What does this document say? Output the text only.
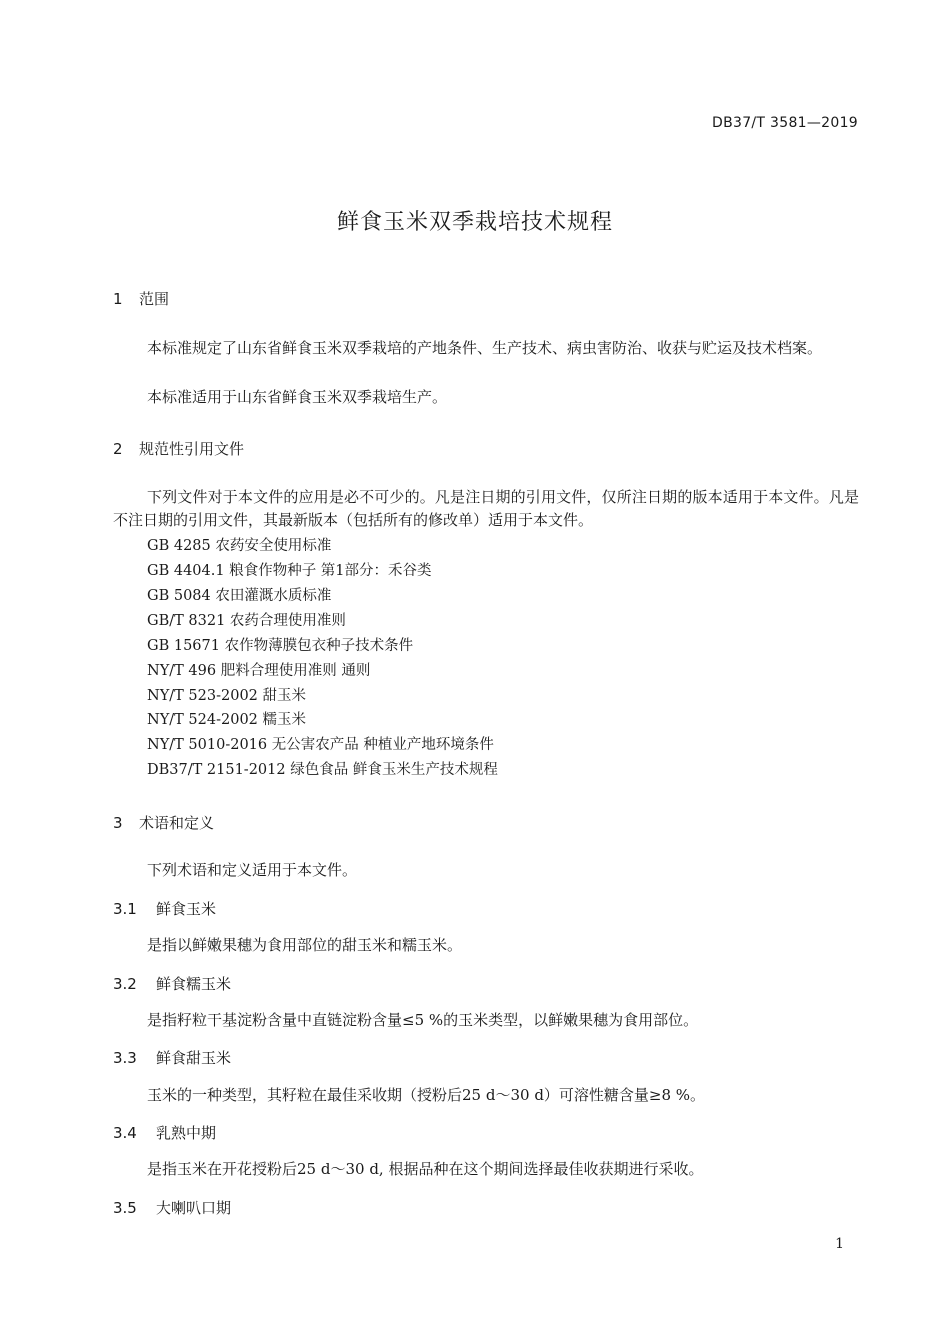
DB37/T 3581—2019
鲜食玉米双季栽培技术规程
1 范围
本标准规定了山东省鲜食玉米双季栽培的产地条件、生产技术、病虫害防治、收获与贮运及技术档案。
本标准适用于山东省鲜食玉米双季栽培生产。
2 规范性引用文件
下列文件对于本文件的应用是必不可少的。凡是注日期的引用文件，仅所注日期的版本适用于本文件。凡是不注日期的引用文件，其最新版本（包括所有的修改单）适用于本文件。
GB 4285 农药安全使用标准
GB 4404.1 粮食作物种子 第1部分：禾谷类
GB 5084 农田灌溉水质标准
GB/T 8321 农药合理使用准则
GB 15671 农作物薄膜包衣种子技术条件
NY/T 496 肥料合理使用准则 通则
NY/T 523-2002 甜玉米
NY/T 524-2002 糯玉米
NY/T 5010-2016 无公害农产品 种植业产地环境条件
DB37/T 2151-2012 绿色食品 鲜食玉米生产技术规程
3 术语和定义
下列术语和定义适用于本文件。
3.1 鲜食玉米
是指以鲜嫩果穗为食用部位的甜玉米和糯玉米。
3.2 鲜食糯玉米
是指籽粒干基淀粉含量中直链淀粉含量≤5 %的玉米类型，以鲜嫩果穗为食用部位。
3.3 鲜食甜玉米
玉米的一种类型，其籽粒在最佳采收期（授粉后25 d～30 d）可溶性糖含量≥8 %。
3.4 乳熟中期
是指玉米在开花授粉后25 d～30 d, 根据品种在这个期间选择最佳收获期进行采收。
3.5 大喇叭口期
1
